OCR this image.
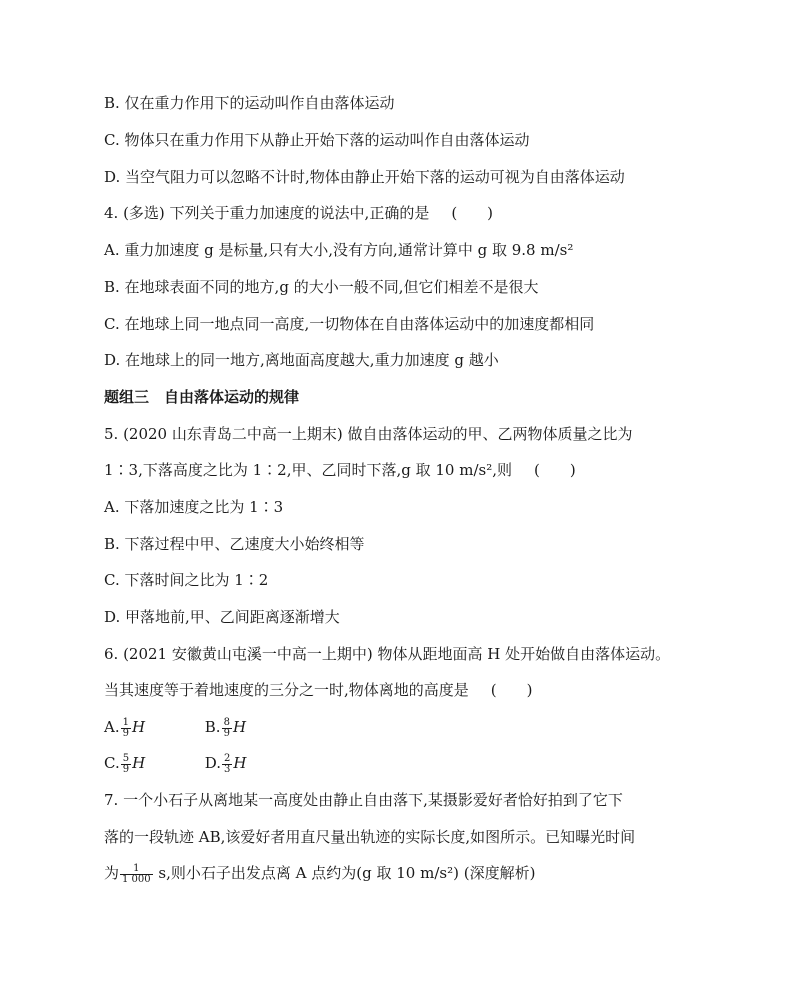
B. 仅在重力作用下的运动叫作自由落体运动
C. 物体只在重力作用下从静止开始下落的运动叫作自由落体运动
D. 当空气阻力可以忽略不计时,物体由静止开始下落的运动可视为自由落体运动
4. (多选) 下列关于重力加速度的说法中,正确的是 (　　)
A. 重力加速度 g 是标量,只有大小,没有方向,通常计算中 g 取 9.8 m/s²
B. 在地球表面不同的地方,g 的大小一般不同,但它们相差不是很大
C. 在地球上同一地点同一高度,一切物体在自由落体运动中的加速度都相同
D. 在地球上的同一地方,离地面高度越大,重力加速度 g 越小
题组三　自由落体运动的规律
5. (2020 山东青岛二中高一上期末) 做自由落体运动的甲、乙两物体质量之比为
1∶3,下落高度之比为 1∶2,甲、乙同时下落,g 取 10 m/s²,则 (　　)
A. 下落加速度之比为 1∶3
B. 下落过程中甲、乙速度大小始终相等
C. 下落时间之比为 1∶2
D. 甲落地前,甲、乙间距离逐渐增大
6. (2021 安徽黄山屯溪一中高一上期中) 物体从距地面高 H 处开始做自由落体运动。
当其速度等于着地速度的三分之一时,物体离地的高度是 (　　)
A. $\frac{1}{9}$ H	B. $\frac{8}{9}$ H
C. $\frac{5}{9}$ H	D. $\frac{2}{3}$ H
7. 一个小石子从离地某一高度处由静止自由落下,某摄影爱好者恰好拍到了它下
落的一段轨迹 AB,该爱好者用直尺量出轨迹的实际长度,如图所示。已知曝光时间
为 $\frac{1}{1 000} s$,则小石子出发点离 A 点约为(g 取 10 m/s²) (深度解析)
